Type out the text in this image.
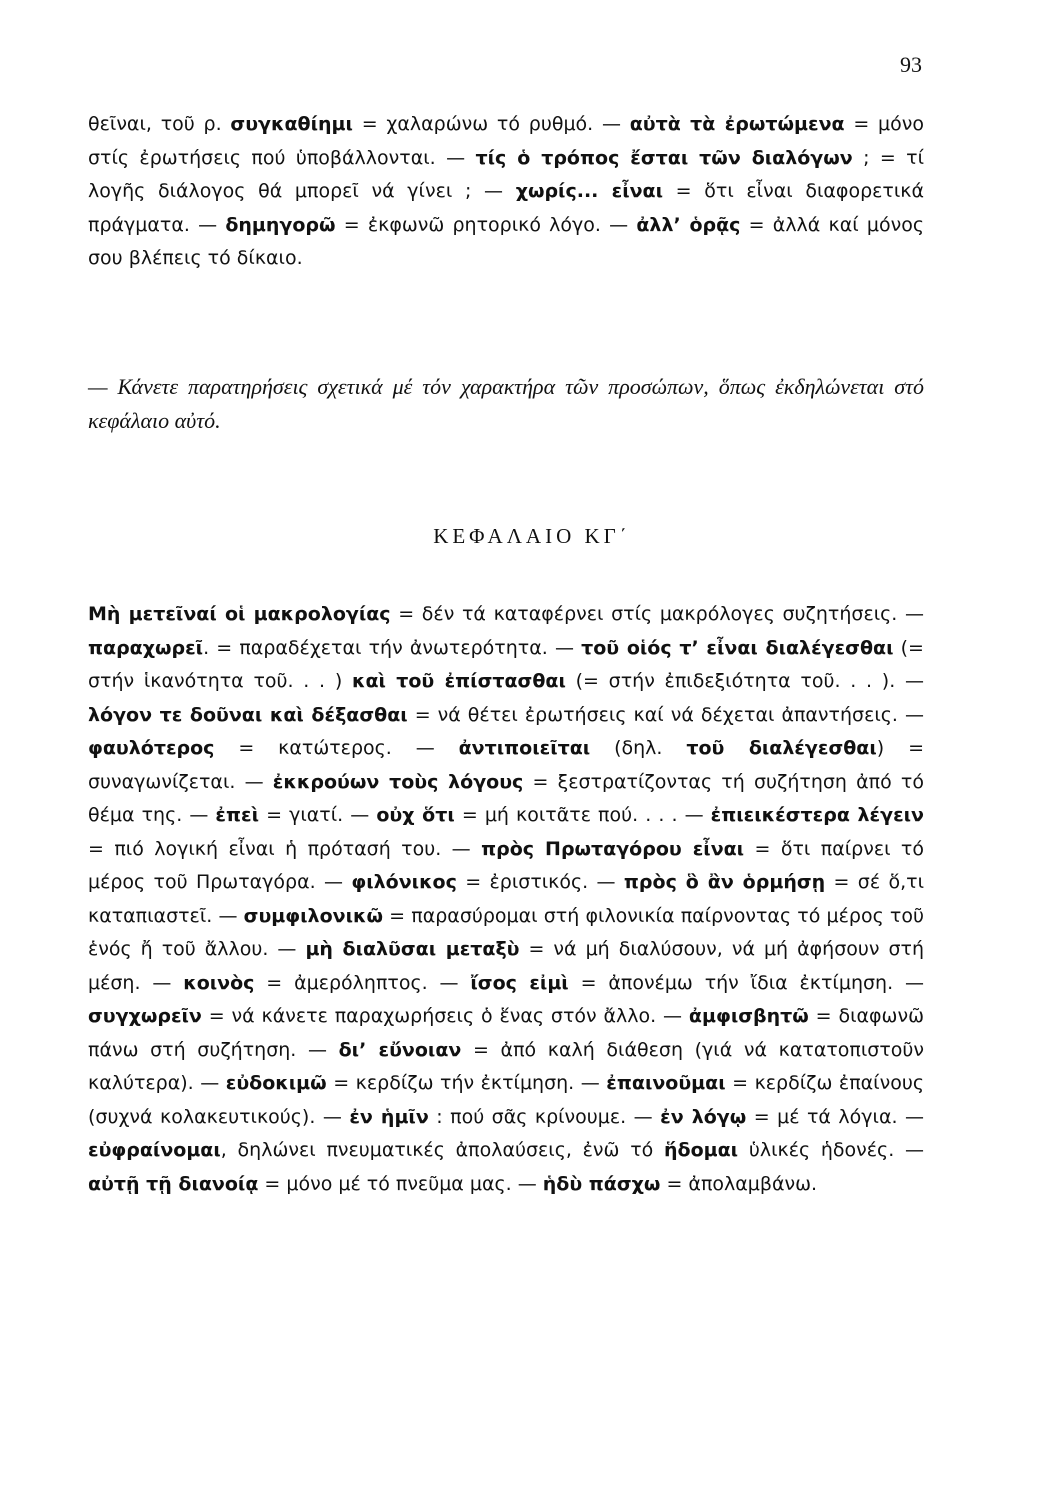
93
θεῖναι, τοῦ ρ. συγκαθίημι = χαλαρώνω τό ρυθμό. — αὐτὰ τὰ ἐρωτώμενα = μόνο στίς ἐρωτήσεις πού ὑποβάλλονται. — τίς ὁ τρόπος ἔσται τῶν διαλόγων ; = τί λογῆς διάλογος θά μπορεῖ νά γίνει ; — χωρίς... εἶναι = ὅτι εἶναι διαφορετικά πράγματα. — δημηγορῶ = ἐκφωνῶ ρητορικό λόγο. — ἀλλ’ ὁρᾷς = ἀλλά καί μόνος σου βλέπεις τό δίκαιο.
— Κάνετε παρατηρήσεις σχετικά μέ τόν χαρακτήρα τῶν προσώπων, ὅπως ἐκδηλώνεται στό κεφάλαιο αὐτό.
ΚΕΦΑΛΑΙΟ ΚΓ΄
Μὴ μετεῖναί οἱ μακρολογίας = δέν τά καταφέρνει στίς μακρόλογες συζητήσεις. — παραχωρεῖ. = παραδέχεται τήν ἀνωτερότητα. — τοῦ οἱός τ’ εἶναι διαλέγεσθαι (= στήν ἱκανότητα τοῦ. . . ) καὶ τοῦ ἐπίστασθαι (= στήν ἐπιδεξιότητα τοῦ. . . ). — λόγον τε δοῦναι καὶ δέξασθαι = νά θέτει ἐρωτήσεις καί νά δέχεται ἀπαντήσεις. — φαυλότερος = κατώτερος. — ἀντιποιεῖται (δηλ. τοῦ διαλέγεσθαι) = συναγωνίζεται. — ἐκκρούων τοὺς λόγους = ξεστρατίζοντας τή συζήτηση ἀπό τό θέμα της. — ἐπεὶ = γιατί. — οὐχ ὅτι = μή κοιτᾶτε πού. . . . — ἐπιεικέστερα λέγειν = πιό λογική εἶναι ἡ πρότασή του. — πρὸς Πρωταγόρου εἶναι = ὅτι παίρνει τό μέρος τοῦ Πρωταγόρα. — φιλόνικος = ἐριστικός. — πρὸς ὃ ἂν ὁρμήσῃ = σέ ὅ,τι καταπιαστεῖ. — συμφιλονικῶ = παρασύρομαι στή φιλονικία παίρνοντας τό μέρος τοῦ ἑνός ἤ τοῦ ἄλλου. — μὴ διαλῦσαι μεταξὺ = νά μή διαλύσουν, νά μή ἀφήσουν στή μέση. — κοινὸς = ἀμερόληπτος. — ἴσος εἰμὶ = ἀπονέμω τήν ἴδια ἐκτίμηση. — συγχωρεῖν = νά κάνετε παραχωρήσεις ὁ ἕνας στόν ἄλλο. — ἀμφισβητῶ = διαφωνῶ πάνω στή συζήτηση. — δι’ εὔνοιαν = ἀπό καλή διάθεση (γιά νά κατατοπιστοῦν καλύτερα). — εὐδοκιμῶ = κερδίζω τήν ἐκτίμηση. — ἐπαινοῦμαι = κερδίζω ἐπαίνους (συχνά κολακευτικούς). — ἐν ἡμῖν : πού σᾶς κρίνουμε. — ἐν λόγῳ = μέ τά λόγια. — εὐφραίνομαι, δηλώνει πνευματικές ἀπολαύσεις, ἐνῶ τό ἥδομαι ὑλικές ἡδονές. — αὐτῇ τῇ διανοίᾳ = μόνο μέ τό πνεῦμα μας. — ἡδὺ πάσχω = ἀπολαμβάνω.
